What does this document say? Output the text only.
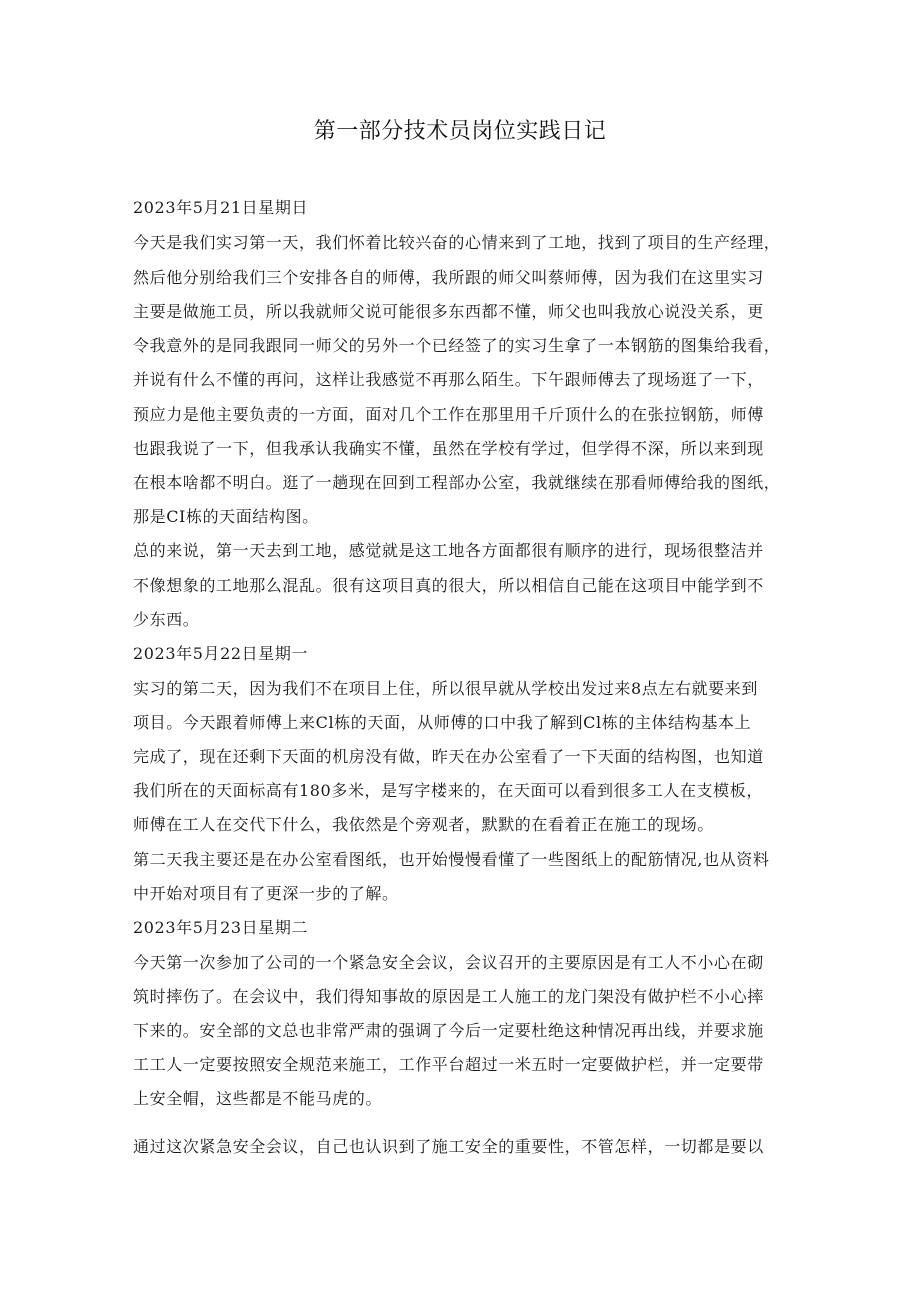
第一部分技术员岗位实践日记
2023年5月21日星期日
今天是我们实习第一天，我们怀着比较兴奋的心情来到了工地，找到了项目的生产经理，
然后他分别给我们三个安排各自的师傅，我所跟的师父叫蔡师傅，因为我们在这里实习
主要是做施工员，所以我就师父说可能很多东西都不懂，师父也叫我放心说没关系，更
令我意外的是同我跟同一师父的另外一个已经签了的实习生拿了一本钢筋的图集给我看，
并说有什么不懂的再问，这样让我感觉不再那么陌生。下午跟师傅去了现场逛了一下，
预应力是他主要负责的一方面，面对几个工作在那里用千斤顶什么的在张拉钢筋，师傅
也跟我说了一下，但我承认我确实不懂，虽然在学校有学过，但学得不深，所以来到现
在根本啥都不明白。逛了一趟现在回到工程部办公室，我就继续在那看师傅给我的图纸，
那是CI栋的天面结构图。
总的来说，第一天去到工地，感觉就是这工地各方面都很有顺序的进行，现场很整洁并
不像想象的工地那么混乱。很有这项目真的很大，所以相信自己能在这项目中能学到不
少东西。
2023年5月22日星期一
实习的第二天，因为我们不在项目上住，所以很早就从学校出发过来8点左右就要来到
项目。今天跟着师傅上来Cl栋的天面，从师傅的口中我了解到Cl栋的主体结构基本上
完成了，现在还剩下天面的机房没有做，昨天在办公室看了一下天面的结构图，也知道
我们所在的天面标高有180多米，是写字楼来的，在天面可以看到很多工人在支模板，
师傅在工人在交代下什么，我依然是个旁观者，默默的在看着正在施工的现场。
第二天我主要还是在办公室看图纸，也开始慢慢看懂了一些图纸上的配筋情况,也从资料
中开始对项目有了更深一步的了解。
2023年5月23日星期二
今天第一次参加了公司的一个紧急安全会议，会议召开的主要原因是有工人不小心在砌
筑时摔伤了。在会议中，我们得知事故的原因是工人施工的龙门架没有做护栏不小心摔
下来的。安全部的文总也非常严肃的强调了今后一定要杜绝这种情况再出线，并要求施
工工人一定要按照安全规范来施工，工作平台超过一米五时一定要做护栏，并一定要带
上安全帽，这些都是不能马虎的。
通过这次紧急安全会议，自己也认识到了施工安全的重要性，不管怎样，一切都是要以
